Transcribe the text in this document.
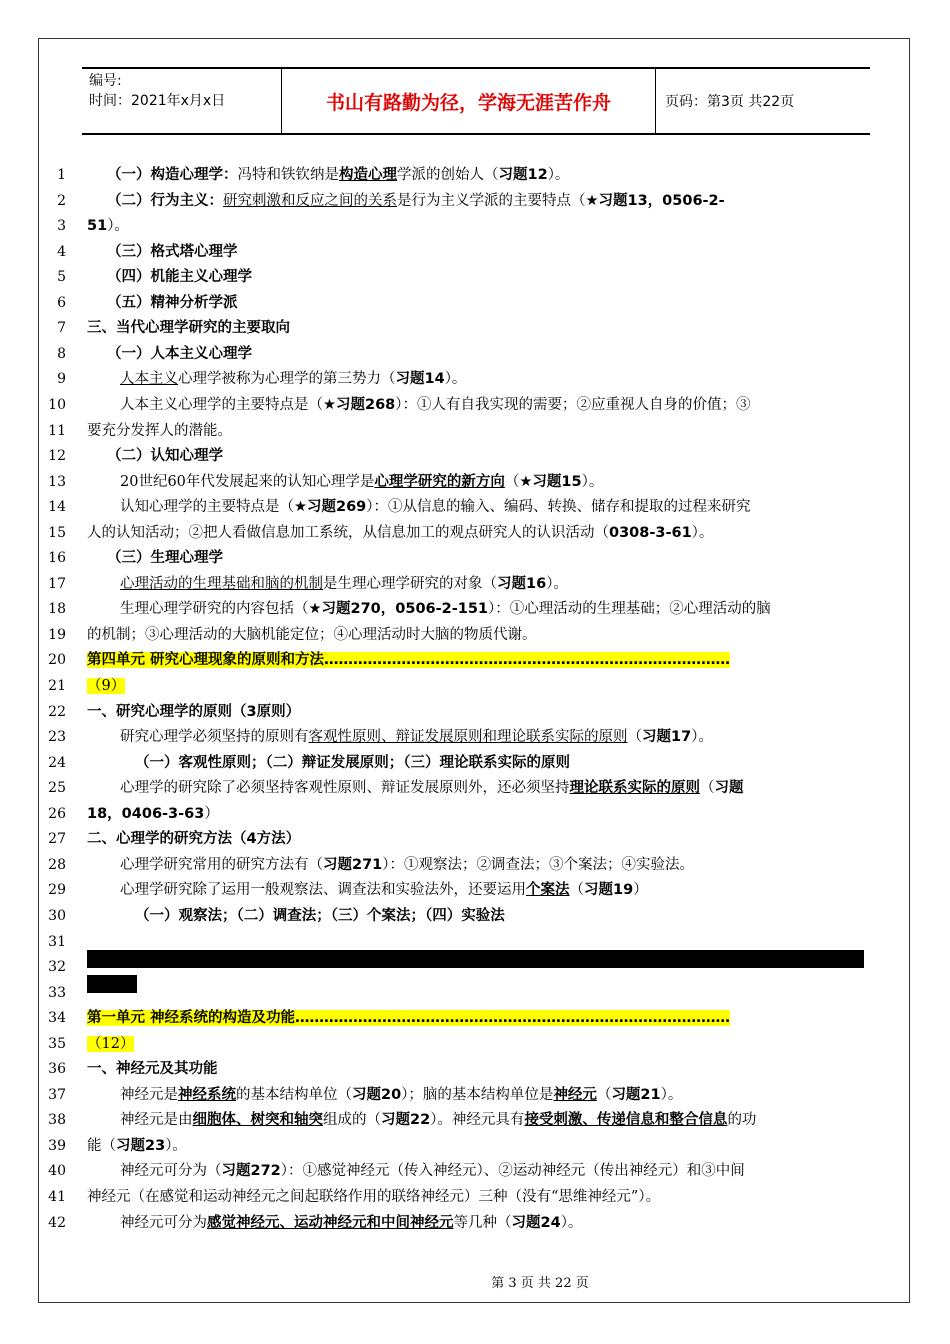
编号:
时间：2021年x月x日	书山有路勤为径，学海无涯苦作舟	页码：第3页 共22页
1	（一）构造心理学：冯特和铁钦纳是构造心理学派的创始人（习题12）。
2	（二）行为主义：研究刺激和反应之间的关系是行为主义学派的主要特点（★习题13，0506-2-
3 51）。
4	（三）格式塔心理学
5	（四）机能主义心理学
6	（五）精神分析学派
7 三、当代心理学研究的主要取向
8	（一）人本主义心理学
9	人本主义心理学被称为心理学的第三势力（习题14）。
10	人本主义心理学的主要特点是（★习题268）：①人有自我实现的需要；②应重视人自身的价值；③
11 要充分发挥人的潜能。
12	（二）认知心理学
13	20世纪60年代发展起来的认知心理学是心理学研究的新方向（★习题15）。
14	认知心理学的主要特点是（★习题269）：①从信息的输入、编码、转换、储存和提取的过程来研究
15 人的认知活动；②把人看做信息加工系统，从信息加工的观点研究人的认识活动（0308-3-61）。
16	（三）生理心理学
17	心理活动的生理基础和脑的机制是生理心理学研究的对象（习题16）。
18	生理心理学研究的内容包括（★习题270，0506-2-151）：①心理活动的生理基础；②心理活动的脑
19 的机制；③心理活动的大脑机能定位；④心理活动时大脑的物质代谢。
20 第四单元 研究心理现象的原则和方法…………………………………………………………………………
21 （9）
22 一、研究心理学的原则（3原则）
23	研究心理学必须坚持的原则有客观性原则、辩证发展原则和理论联系实际的原则（习题17）。
24	（一）客观性原则；（二）辩证发展原则；（三）理论联系实际的原则
25	心理学的研究除了必须坚持客观性原则、辩证发展原则外，还必须坚持理论联系实际的原则（习题
26 18，0406-3-63）
27 二、心理学的研究方法（4方法）
28	心理学研究常用的研究方法有（习题271）：①观察法；②调查法；③个案法；④实验法。
29	心理学研究除了运用一般观察法、调查法和实验法外，还要运用个案法（习题19）
30	（一）观察法；（二）调查法；（三）个案法；（四）实验法
31
32
33
34 第一单元 神经系统的构造及功能………………………………………………………………………………
35 （12）
36 一、神经元及其功能
37	神经元是神经系统的基本结构单位（习题20）；脑的基本结构单位是神经元（习题21）。
38	神经元是由细胞体、树突和轴突组成的（习题22）。神经元具有接受刺激、传递信息和整合信息的功
39 能（习题23）。
40	神经元可分为（习题272）：①感觉神经元（传入神经元）、②运动神经元（传出神经元）和③中间
41 神经元（在感觉和运动神经元之间起联络作用的联络神经元）三种（没有“思维神经元”）。
42	神经元可分为感觉神经元、运动神经元和中间神经元等几种（习题24）。
第 3 页 共 22 页
